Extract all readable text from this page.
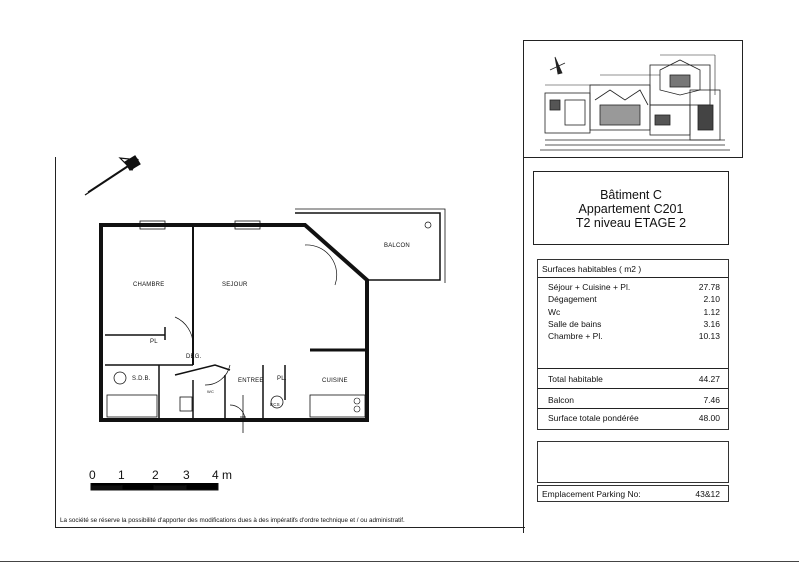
CHAMBRE	SEJOUR
BALCON
PL
DÉG.
S.D.B.	ENTREE PL.	CUISINE
WC
ECS
0 1 2 3 4 m
Bâtiment C
Appartement C201
T2 niveau ETAGE 2
Surfaces habitables ( m2 )
Séjour + Cuisine + Pl.	27.78
Dégagement	2.10
Wc	1.12
Salle de bains	3.16
Chambre + Pl.	10.13
Total habitable	44.27
Balcon	7.46
Surface totale pondérée	48.00
Emplacement Parking No:	43&12
La société se réserve la possibilité d'apporter des modifications dues à des impératifs d'ordre technique et / ou administratif.
